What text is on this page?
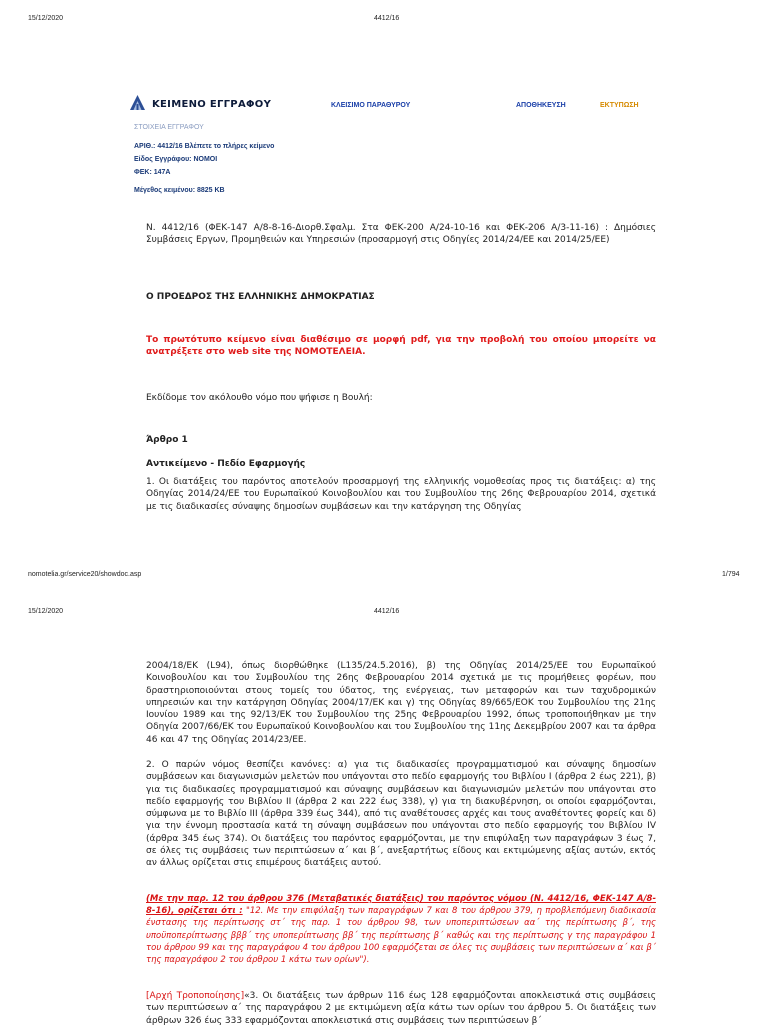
15/12/2020	4412/16
ΚΕΙΜΕΝΟ ΕΓΓΡΑΦΟΥ	ΚΛΕΙΣΙΜΟ ΠΑΡΑΘΥΡΟΥ	ΑΠΟΘΗΚΕΥΣΗ	ΕΚΤΥΠΩΣΗ
ΣΤΟΙΧΕΙΑ ΕΓΓΡΑΦΟΥ
ΑΡΙΘ.: 4412/16 Βλέπετε το πλήρες κείμενο
Είδος Εγγράφου: ΝΟΜΟΙ
ΦΕΚ: 147Α
Μέγεθος κειμένου: 8825 KB
Ν. 4412/16 (ΦΕΚ-147 Α/8-8-16-Διορθ.Σφαλμ. Στα ΦΕΚ-200 Α/24-10-16 και ΦΕΚ-206 Α/3-11-16) : Δημόσιες Συμβάσεις Εργων, Προμηθειών και Υπηρεσιών (προσαρμογή στις Οδηγίες 2014/24/ΕΕ και 2014/25/ΕΕ)
Ο ΠΡΟΕΔΡΟΣ ΤΗΣ ΕΛΛΗΝΙΚΗΣ ΔΗΜΟΚΡΑΤΙΑΣ
Το πρωτότυπο κείμενο είναι διαθέσιμο σε μορφή pdf, για την προβολή του οποίου μπορείτε να ανατρέξετε στο web site της ΝΟΜΟΤΕΛΕΙΑ.
Εκδίδομε τον ακόλουθο νόμο που ψήφισε η Βουλή:
Άρθρο 1
Αντικείμενο - Πεδίο Εφαρμογής
1. Οι διατάξεις του παρόντος αποτελούν προσαρμογή της ελληνικής νομοθεσίας προς τις διατάξεις: α) της Οδηγίας 2014/24/ΕΕ του Ευρωπαϊκού Κοινοβουλίου και του Συμβουλίου της 26ης Φεβρουαρίου 2014, σχετικά με τις διαδικασίες σύναψης δημοσίων συμβάσεων και την κατάργηση της Οδηγίας
nomotelia.gr/service20/showdoc.asp	1/794
15/12/2020	4412/16
2004/18/ΕΚ (L94), όπως διορθώθηκε (L135/24.5.2016), β) της Οδηγίας 2014/25/ΕΕ του Ευρωπαϊκού Κοινοβουλίου και του Συμβουλίου της 26ης Φεβρουαρίου 2014 σχετικά με τις προμήθειες φορέων, που δραστηριοποιούνται στους τομείς του ύδατος, της ενέργειας, των μεταφορών και των ταχυδρομικών υπηρεσιών και την κατάργηση Οδηγίας 2004/17/ΕΚ και γ) της Οδηγίας 89/665/ΕΟΚ του Συμβουλίου της 21ης Ιουνίου 1989 και της 92/13/ΕΚ του Συμβουλίου της 25ης Φεβρουαρίου 1992, όπως τροποποιήθηκαν με την Οδηγία 2007/66/ΕΚ του Ευρωπαϊκού Κοινοβουλίου και του Συμβουλίου της 11ης Δεκεμβρίου 2007 και τα άρθρα 46 και 47 της Οδηγίας 2014/23/ΕΕ.
2. Ο παρών νόμος θεσπίζει κανόνες: α) για τις διαδικασίες προγραμματισμού και σύναψης δημοσίων συμβάσεων και διαγωνισμών μελετών που υπάγονται στο πεδίο εφαρμογής του Βιβλίου Ι (άρθρα 2 έως 221), β) για τις διαδικασίες προγραμματισμού και σύναψης συμβάσεων και διαγωνισμών μελετών που υπάγονται στο πεδίο εφαρμογής του Βιβλίου ΙΙ (άρθρα 2 και 222 έως 338), γ) για τη διακυβέρνηση, οι οποίοι εφαρμόζονται, σύμφωνα με το Βιβλίο ΙΙΙ (άρθρα 339 έως 344), από τις αναθέτουσες αρχές και τους αναθέτοντες φορείς και δ) για την έννομη προστασία κατά τη σύναψη συμβάσεων που υπάγονται στο πεδίο εφαρμογής του Βιβλίου IV (άρθρα 345 έως 374). Οι διατάξεις του παρόντος εφαρμόζονται, με την επιφύλαξη των παραγράφων 3 έως 7, σε όλες τις συμβάσεις των περιπτώσεων α΄ και β΄, ανεξαρτήτως είδους και εκτιμώμενης αξίας αυτών, εκτός αν άλλως ορίζεται στις επιμέρους διατάξεις αυτού.
(Με την παρ. 12 του άρθρου 376 (Μεταβατικές διατάξεις) του παρόντος νόμου (Ν. 4412/16, ΦΕΚ-147 Α/8-8-16), ορίζεται ότι : "12. Με την επιφύλαξη των παραγράφων 7 και 8 του άρθρου 379, η προβλεπόμενη διαδικασία ένστασης της περίπτωσης στ΄ της παρ. 1 του άρθρου 98, των υποπεριπτώσεων αα΄ της περίπτωσης β΄, της υποϋποπερίπτωσης βββ΄ της υποπερίπτωσης ββ΄ της περίπτωσης β΄ καθώς και της περίπτωσης γ της παραγράφου 1 του άρθρου 99 και της παραγράφου 4 του άρθρου 100 εφαρμόζεται σε όλες τις συμβάσεις των περιπτώσεων α΄ και β΄ της παραγράφου 2 του άρθρου 1 κάτω των ορίων").
[Αρχή Τροποποίησης]«3. Οι διατάξεις των άρθρων 116 έως 128 εφαρμόζονται αποκλειστικά στις συμβάσεις των περιπτώσεων α΄ της παραγράφου 2 με εκτιμώμενη αξία κάτω των ορίων του άρθρου 5. Οι διατάξεις των άρθρων 326 έως 333 εφαρμόζονται αποκλειστικά στις συμβάσεις των περιπτώσεων β΄
